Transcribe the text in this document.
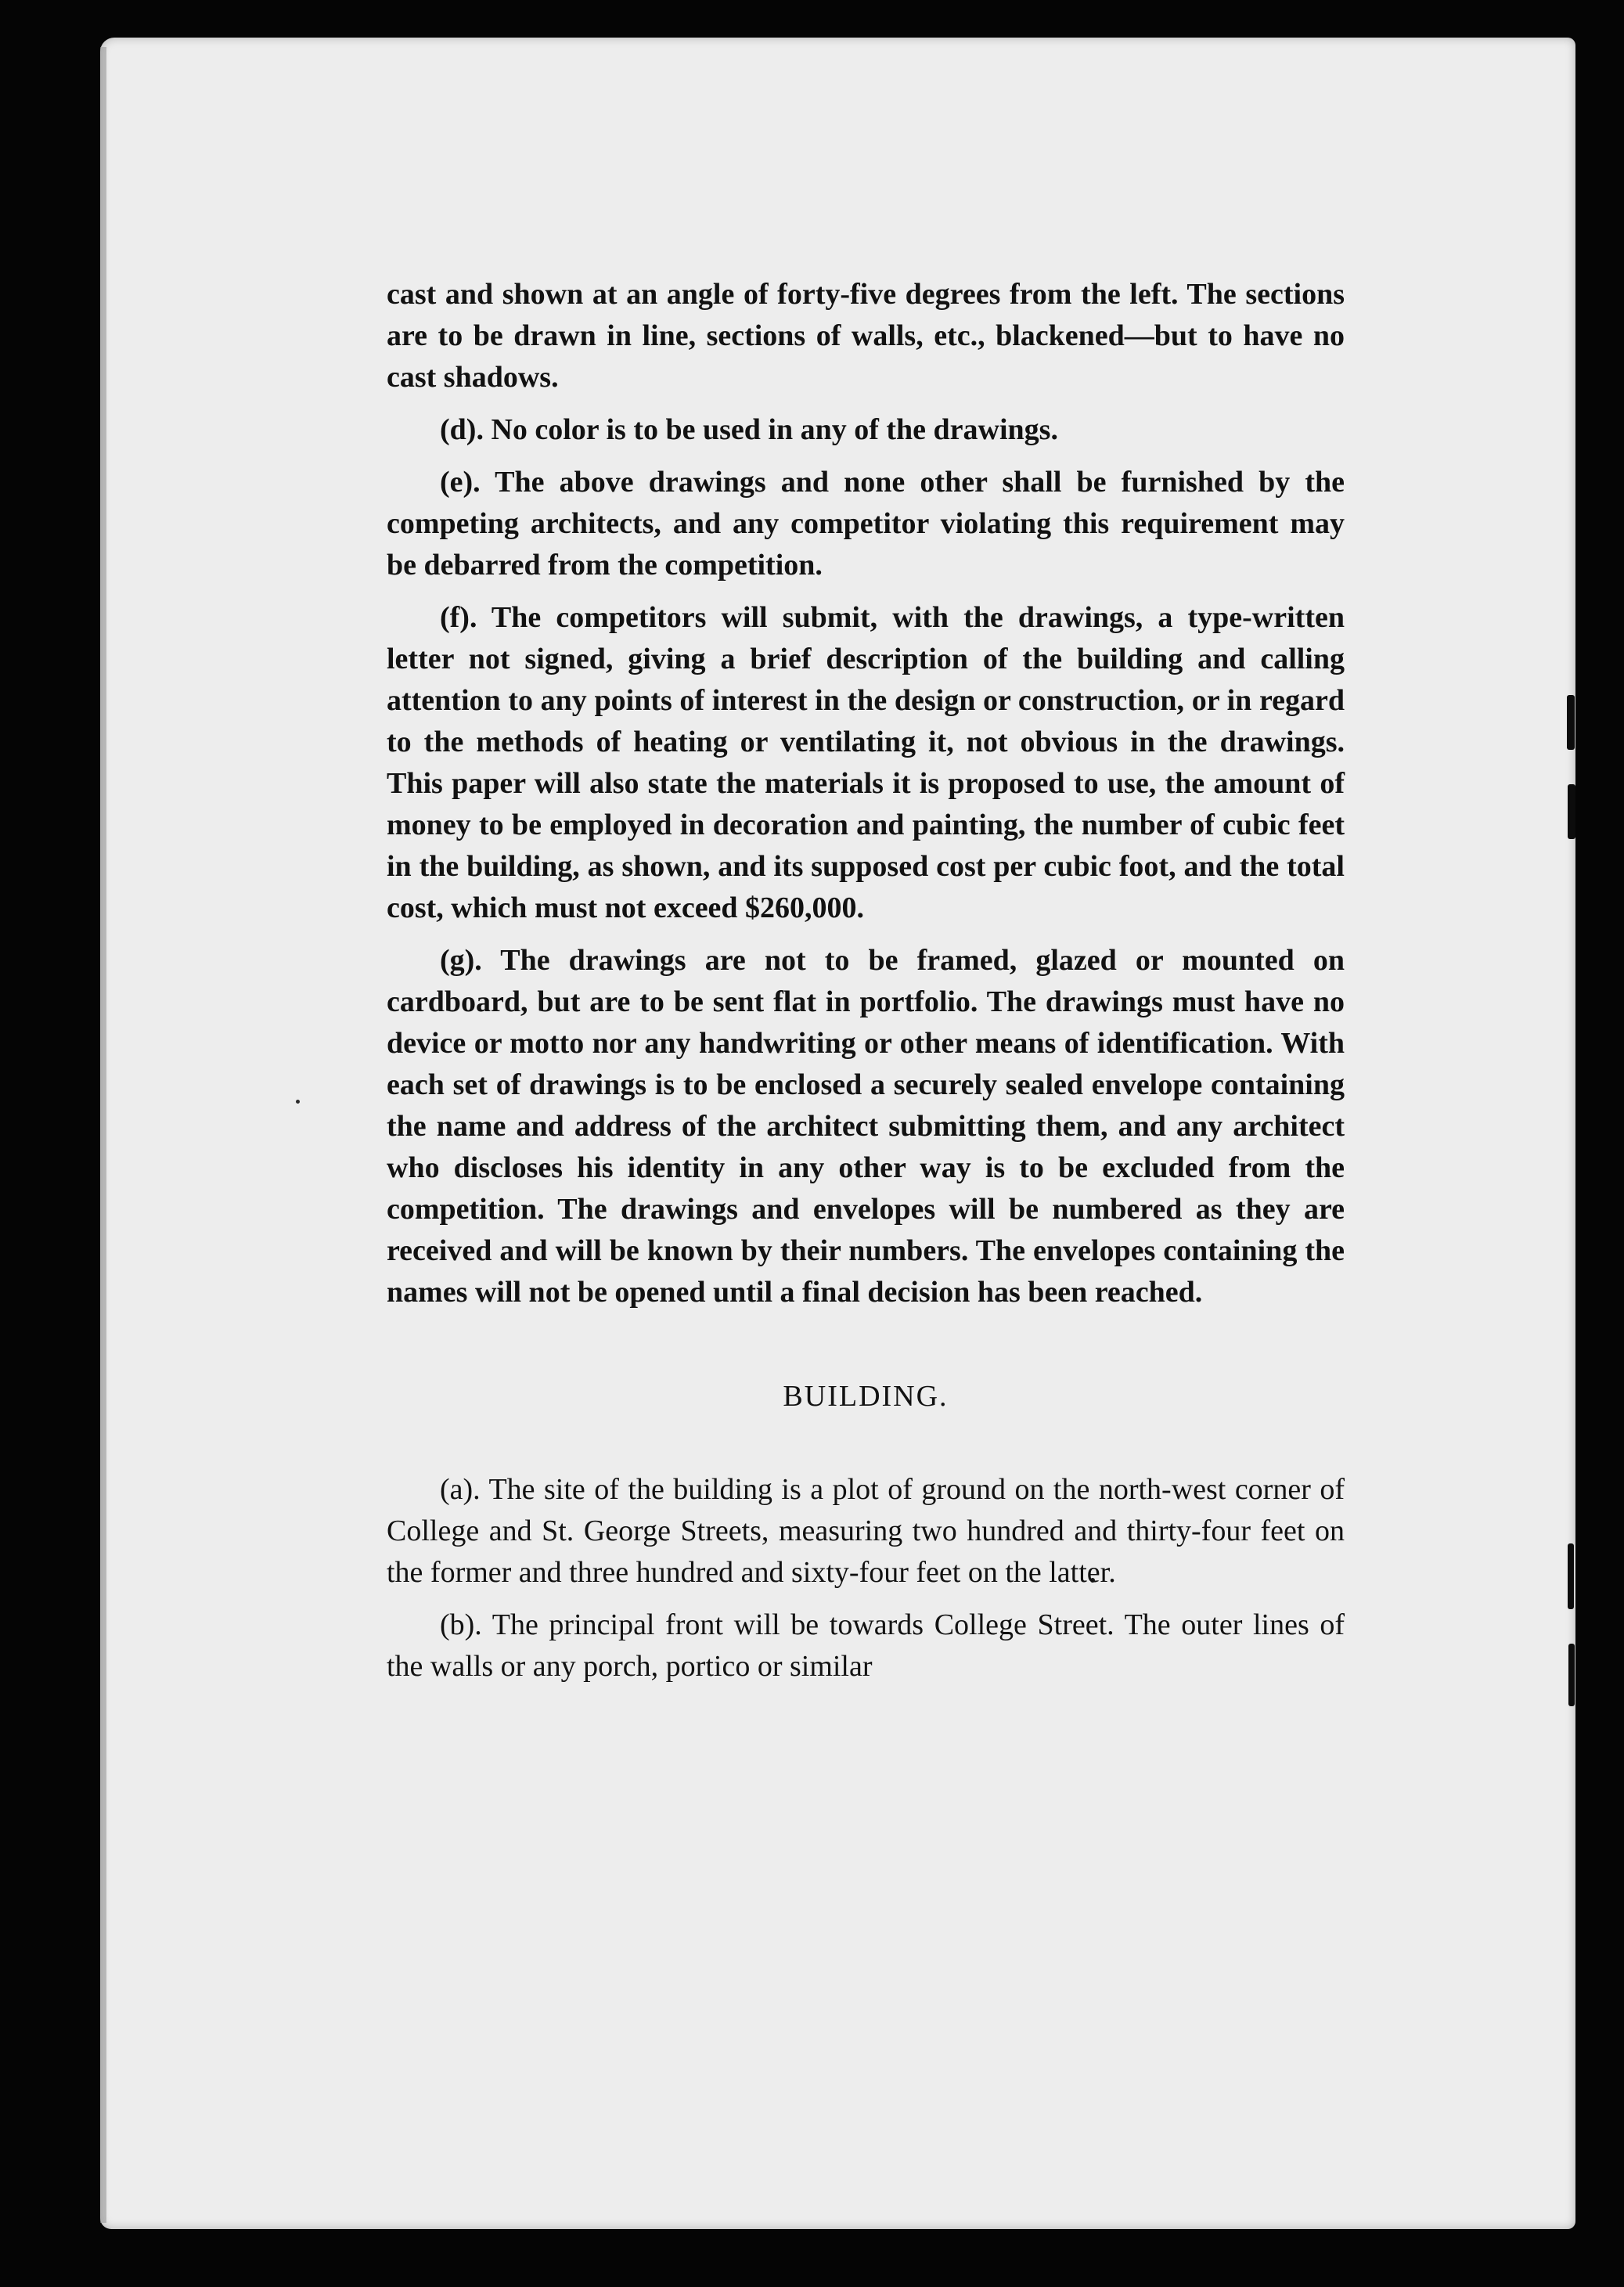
cast and shown at an angle of forty-five degrees from the left. The sections are to be drawn in line, sections of walls, etc., blackened—but to have no cast shadows.

(d). No color is to be used in any of the drawings.

(e). The above drawings and none other shall be furnished by the competing architects, and any competitor violating this requirement may be debarred from the competition.

(f). The competitors will submit, with the drawings, a type-written letter not signed, giving a brief description of the building and calling attention to any points of interest in the design or construction, or in regard to the methods of heating or ventilating it, not obvious in the drawings. This paper will also state the materials it is proposed to use, the amount of money to be employed in decoration and painting, the number of cubic feet in the building, as shown, and its supposed cost per cubic foot, and the total cost, which must not exceed $260,000.

(g). The drawings are not to be framed, glazed or mounted on cardboard, but are to be sent flat in portfolio. The drawings must have no device or motto nor any handwriting or other means of identification. With each set of drawings is to be enclosed a securely sealed envelope containing the name and address of the architect submitting them, and any architect who discloses his identity in any other way is to be excluded from the competition. The drawings and envelopes will be numbered as they are received and will be known by their numbers. The envelopes containing the names will not be opened until a final decision has been reached.

BUILDING.

(a). The site of the building is a plot of ground on the north-west corner of College and St. George Streets, measuring two hundred and thirty-four feet on the former and three hundred and sixty-four feet on the latter.

(b). The principal front will be towards College Street. The outer lines of the walls or any porch, portico or similar
